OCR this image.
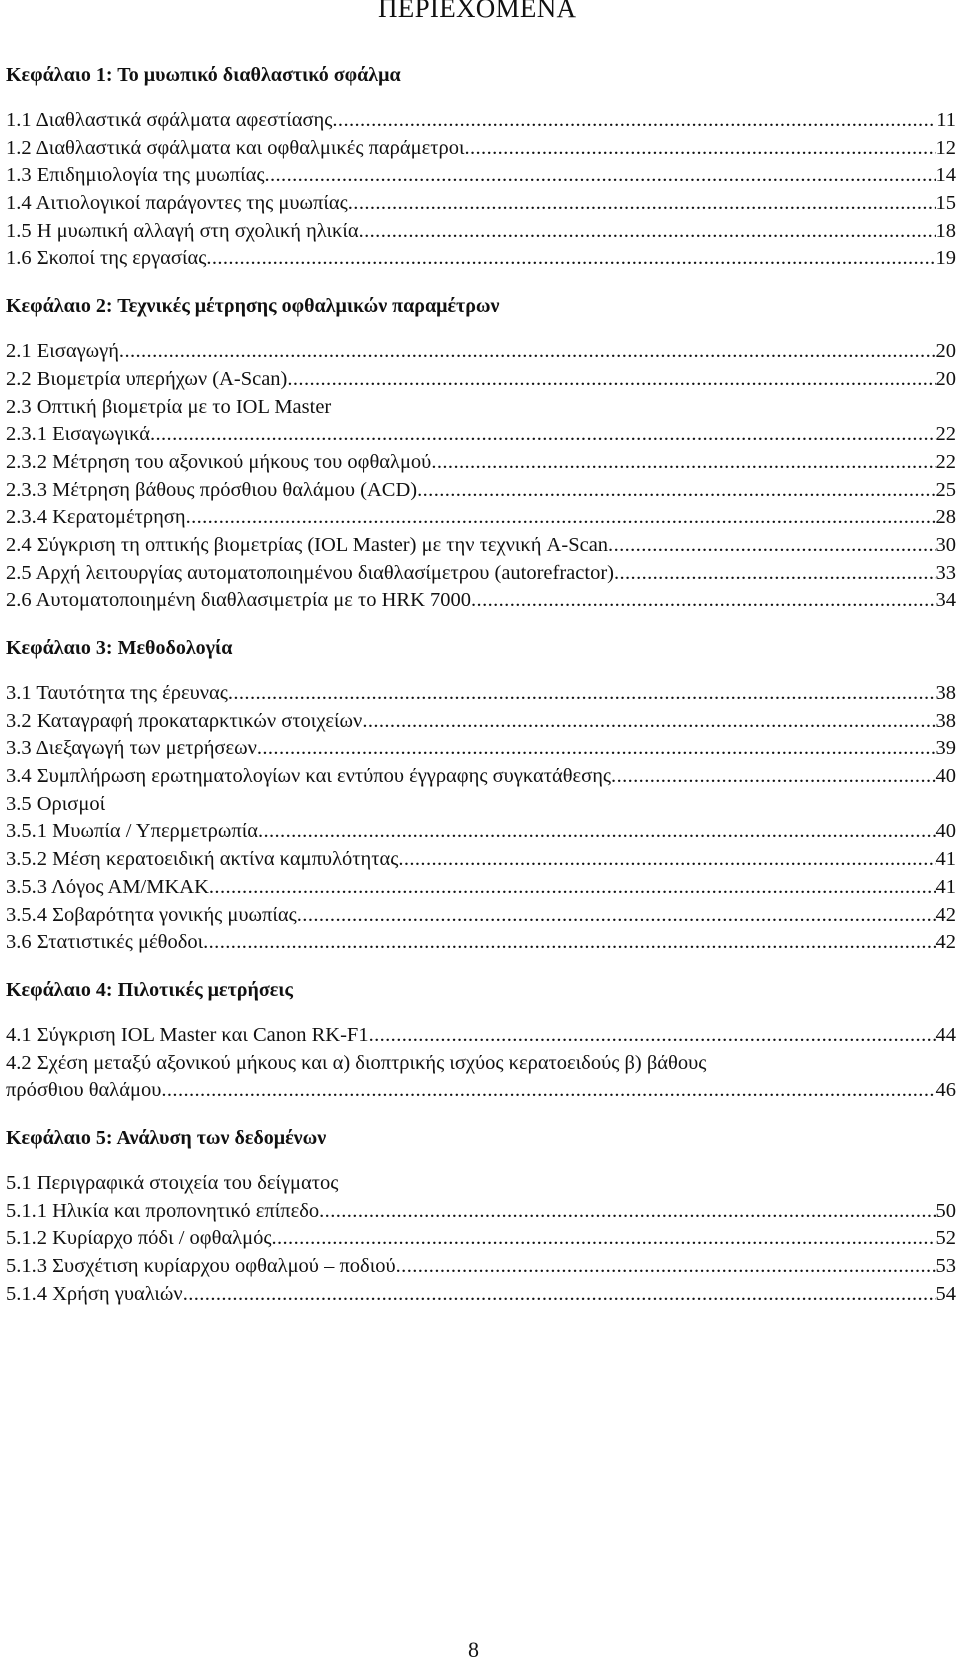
ΠΕΡΙΕΧΟΜΕΝΑ
Κεφάλαιο 1: Το μυωπικό διαθλαστικό σφάλμα
1.1 Διαθλαστικά σφάλματα αφεστίασης .....	11
1.2 Διαθλαστικά σφάλματα και οφθαλμικές παράμετροι .....	12
1.3 Επιδημιολογία της μυωπίας .....	14
1.4 Αιτιολογικοί παράγοντες της μυωπίας .....	15
1.5 Η μυωπική αλλαγή στη σχολική ηλικία .....	18
1.6 Σκοποί της εργασίας .....	19
Κεφάλαιο 2: Τεχνικές μέτρησης οφθαλμικών παραμέτρων
2.1 Εισαγωγή .....	20
2.2 Βιομετρία υπερήχων (A-Scan) .....	20
2.3 Οπτική βιομετρία με το IOL Master
2.3.1 Εισαγωγικά .....	22
2.3.2 Μέτρηση του αξονικού μήκους του οφθαλμού .....	22
2.3.3 Μέτρηση βάθους πρόσθιου θαλάμου (ACD) .....	25
2.3.4 Κερατομέτρηση .....	28
2.4 Σύγκριση τη οπτικής βιομετρίας (IOL Master) με την τεχνική A-Scan .....	30
2.5 Αρχή λειτουργίας αυτοματοποιημένου διαθλασίμετρου (autorefractor) .....	33
2.6 Αυτοματοποιημένη διαθλασιμετρία με το HRK 7000 .....	34
Κεφάλαιο 3: Μεθοδολογία
3.1 Ταυτότητα της έρευνας .....	38
3.2 Καταγραφή προκαταρκτικών στοιχείων .....	38
3.3 Διεξαγωγή των μετρήσεων .....	39
3.4 Συμπλήρωση ερωτηματολογίων και εντύπου έγγραφης συγκατάθεσης .....	40
3.5 Ορισμοί
3.5.1 Μυωπία / Υπερμετρωπία .....	40
3.5.2 Μέση κερατοειδική ακτίνα καμπυλότητας .....	41
3.5.3 Λόγος ΑΜ/ΜΚΑΚ .....	41
3.5.4 Σοβαρότητα γονικής μυωπίας .....	42
3.6 Στατιστικές μέθοδοι .....	42
Κεφάλαιο 4: Πιλοτικές μετρήσεις
4.1 Σύγκριση IOL Master και Canon RK-F1 .....	44
4.2 Σχέση μεταξύ αξονικού μήκους και α) διοπτρικής ισχύος κερατοειδούς β) βάθους
πρόσθιου θαλάμου .....	46
Κεφάλαιο 5: Ανάλυση των δεδομένων
5.1 Περιγραφικά στοιχεία του δείγματος
5.1.1 Ηλικία και προπονητικό επίπεδο .....	50
5.1.2 Κυρίαρχο πόδι / οφθαλμός .....	52
5.1.3 Συσχέτιση κυρίαρχου οφθαλμού – ποδιού .....	53
5.1.4 Χρήση γυαλιών .....	54
8
